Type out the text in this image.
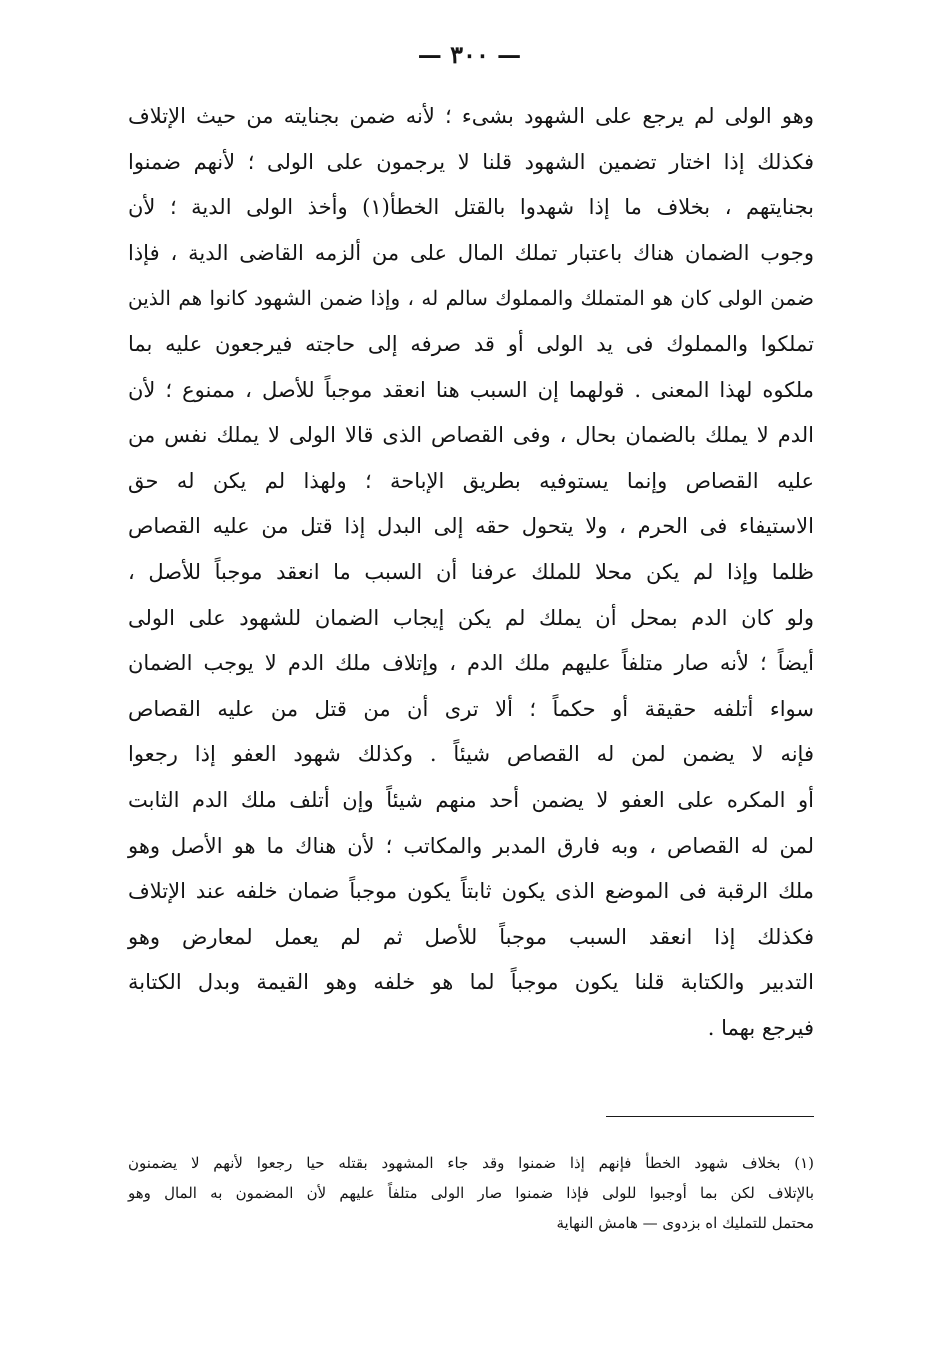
— ٣٠٠ —
وهو الولى لم يرجع على الشهود بشىء ؛ لأنه ضمن بجنايته من حيث الإتلاف
فكذلك إذا اختار تضمين الشهود قلنا لا يرجمون على الولى ؛ لأنهم ضمنوا
بجنايتهم ، بخلاف ما إذا شهدوا بالقتل الخطأ(١) وأخذ الولى الدية ؛ لأن
وجوب الضمان هناك باعتبار تملك المال على من ألزمه القاضى الدية ، فإذا
ضمن الولى كان هو المتملك والمملوك سالم له ، وإذا ضمن الشهود كانوا هم الذين
تملكوا والمملوك فى يد الولى أو قد صرفه إلى حاجته فيرجعون عليه بما
ملكوه لهذا المعنى . قولهما إن السبب هنا انعقد موجباً للأصل ، ممنوع ؛ لأن
الدم لا يملك بالضمان بحال ، وفى القصاص الذى قالا الولى لا يملك نفس من
عليه القصاص وإنما يستوفيه بطريق الإباحة ؛ ولهذا لم يكن له حق
الاستيفاء فى الحرم ، ولا يتحول حقه إلى البدل إذا قتل من عليه القصاص
ظلما وإذا لم يكن محلا للملك عرفنا أن السبب ما انعقد موجباً للأصل ،
ولو كان الدم بمحل أن يملك لم يكن إيجاب الضمان للشهود على الولى
أيضاً ؛ لأنه صار متلفاً عليهم ملك الدم ، وإتلاف ملك الدم لا يوجب الضمان
سواء أتلفه حقيقة أو حكماً ؛ ألا ترى أن من قتل من عليه القصاص
فإنه لا يضمن لمن له القصاص شيئاً . وكذلك شهود العفو إذا رجعوا
أو المكره على العفو لا يضمن أحد منهم شيئاً وإن أتلف ملك الدم الثابت
لمن له القصاص ، وبه فارق المدبر والمكاتب ؛ لأن هناك ما هو الأصل وهو
ملك الرقبة فى الموضع الذى يكون ثابتاً يكون موجباً ضمان خلفه عند الإتلاف
فكذلك إذا انعقد السبب موجباً للأصل ثم لم يعمل لمعارض وهو
التدبير والكتابة قلنا يكون موجباً لما هو خلفه وهو القيمة وبدل الكتابة
فيرجع بهما .
(١) بخلاف شهود الخطأ فإنهم إذا ضمنوا وقد جاء المشهود بقتله حيا رجعوا لأنهم لا يضمنون
بالإتلاف لكن بما أوجبوا للولى فإذا ضمنوا صار الولى متلفاً عليهم لأن المضمون به المال وهو
محتمل للتمليك اه بزدوى — هامش النهاية
